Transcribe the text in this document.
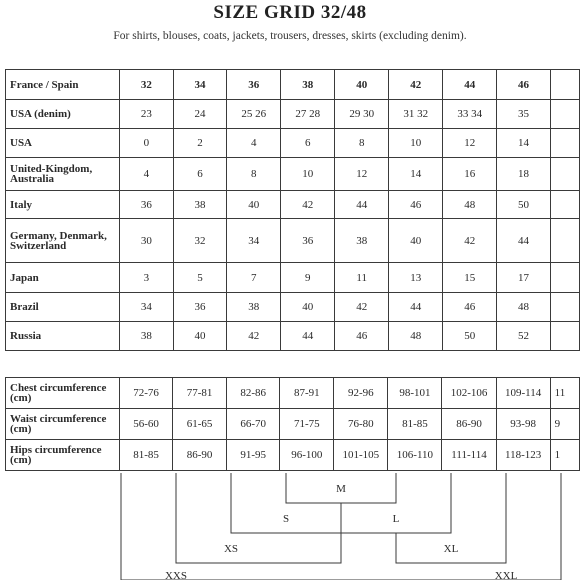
SIZE GRID 32/48
For shirts, blouses, coats, jackets, trousers, dresses, skirts (excluding denim).
France / Spain	32	34	36	38	40	42	44	46	
USA (denim)	23	24	25 26	27 28	29 30	31 32	33 34	35	
USA	0	2	4	6	8	10	12	14	
United-Kingdom, Australia	4	6	8	10	12	14	16	18	
Italy	36	38	40	42	44	46	48	50	
Germany, Denmark, Switzerland	30	32	34	36	38	40	42	44	
Japan	3	5	7	9	11	13	15	17	
Brazil	34	36	38	40	42	44	46	48	
Russia	38	40	42	44	46	48	50	52	
Chest circumference (cm)	72-76	77-81	82-86	87-91	92-96	98-101	102-106	109-114	11
Waist circumference (cm)	56-60	61-65	66-70	71-75	76-80	81-85	86-90	93-98	9
Hips circumference (cm)	81-85	86-90	91-95	96-100	101-105	106-110	111-114	118-123	1
M
S	L
XS	XL
XXS	XXL
